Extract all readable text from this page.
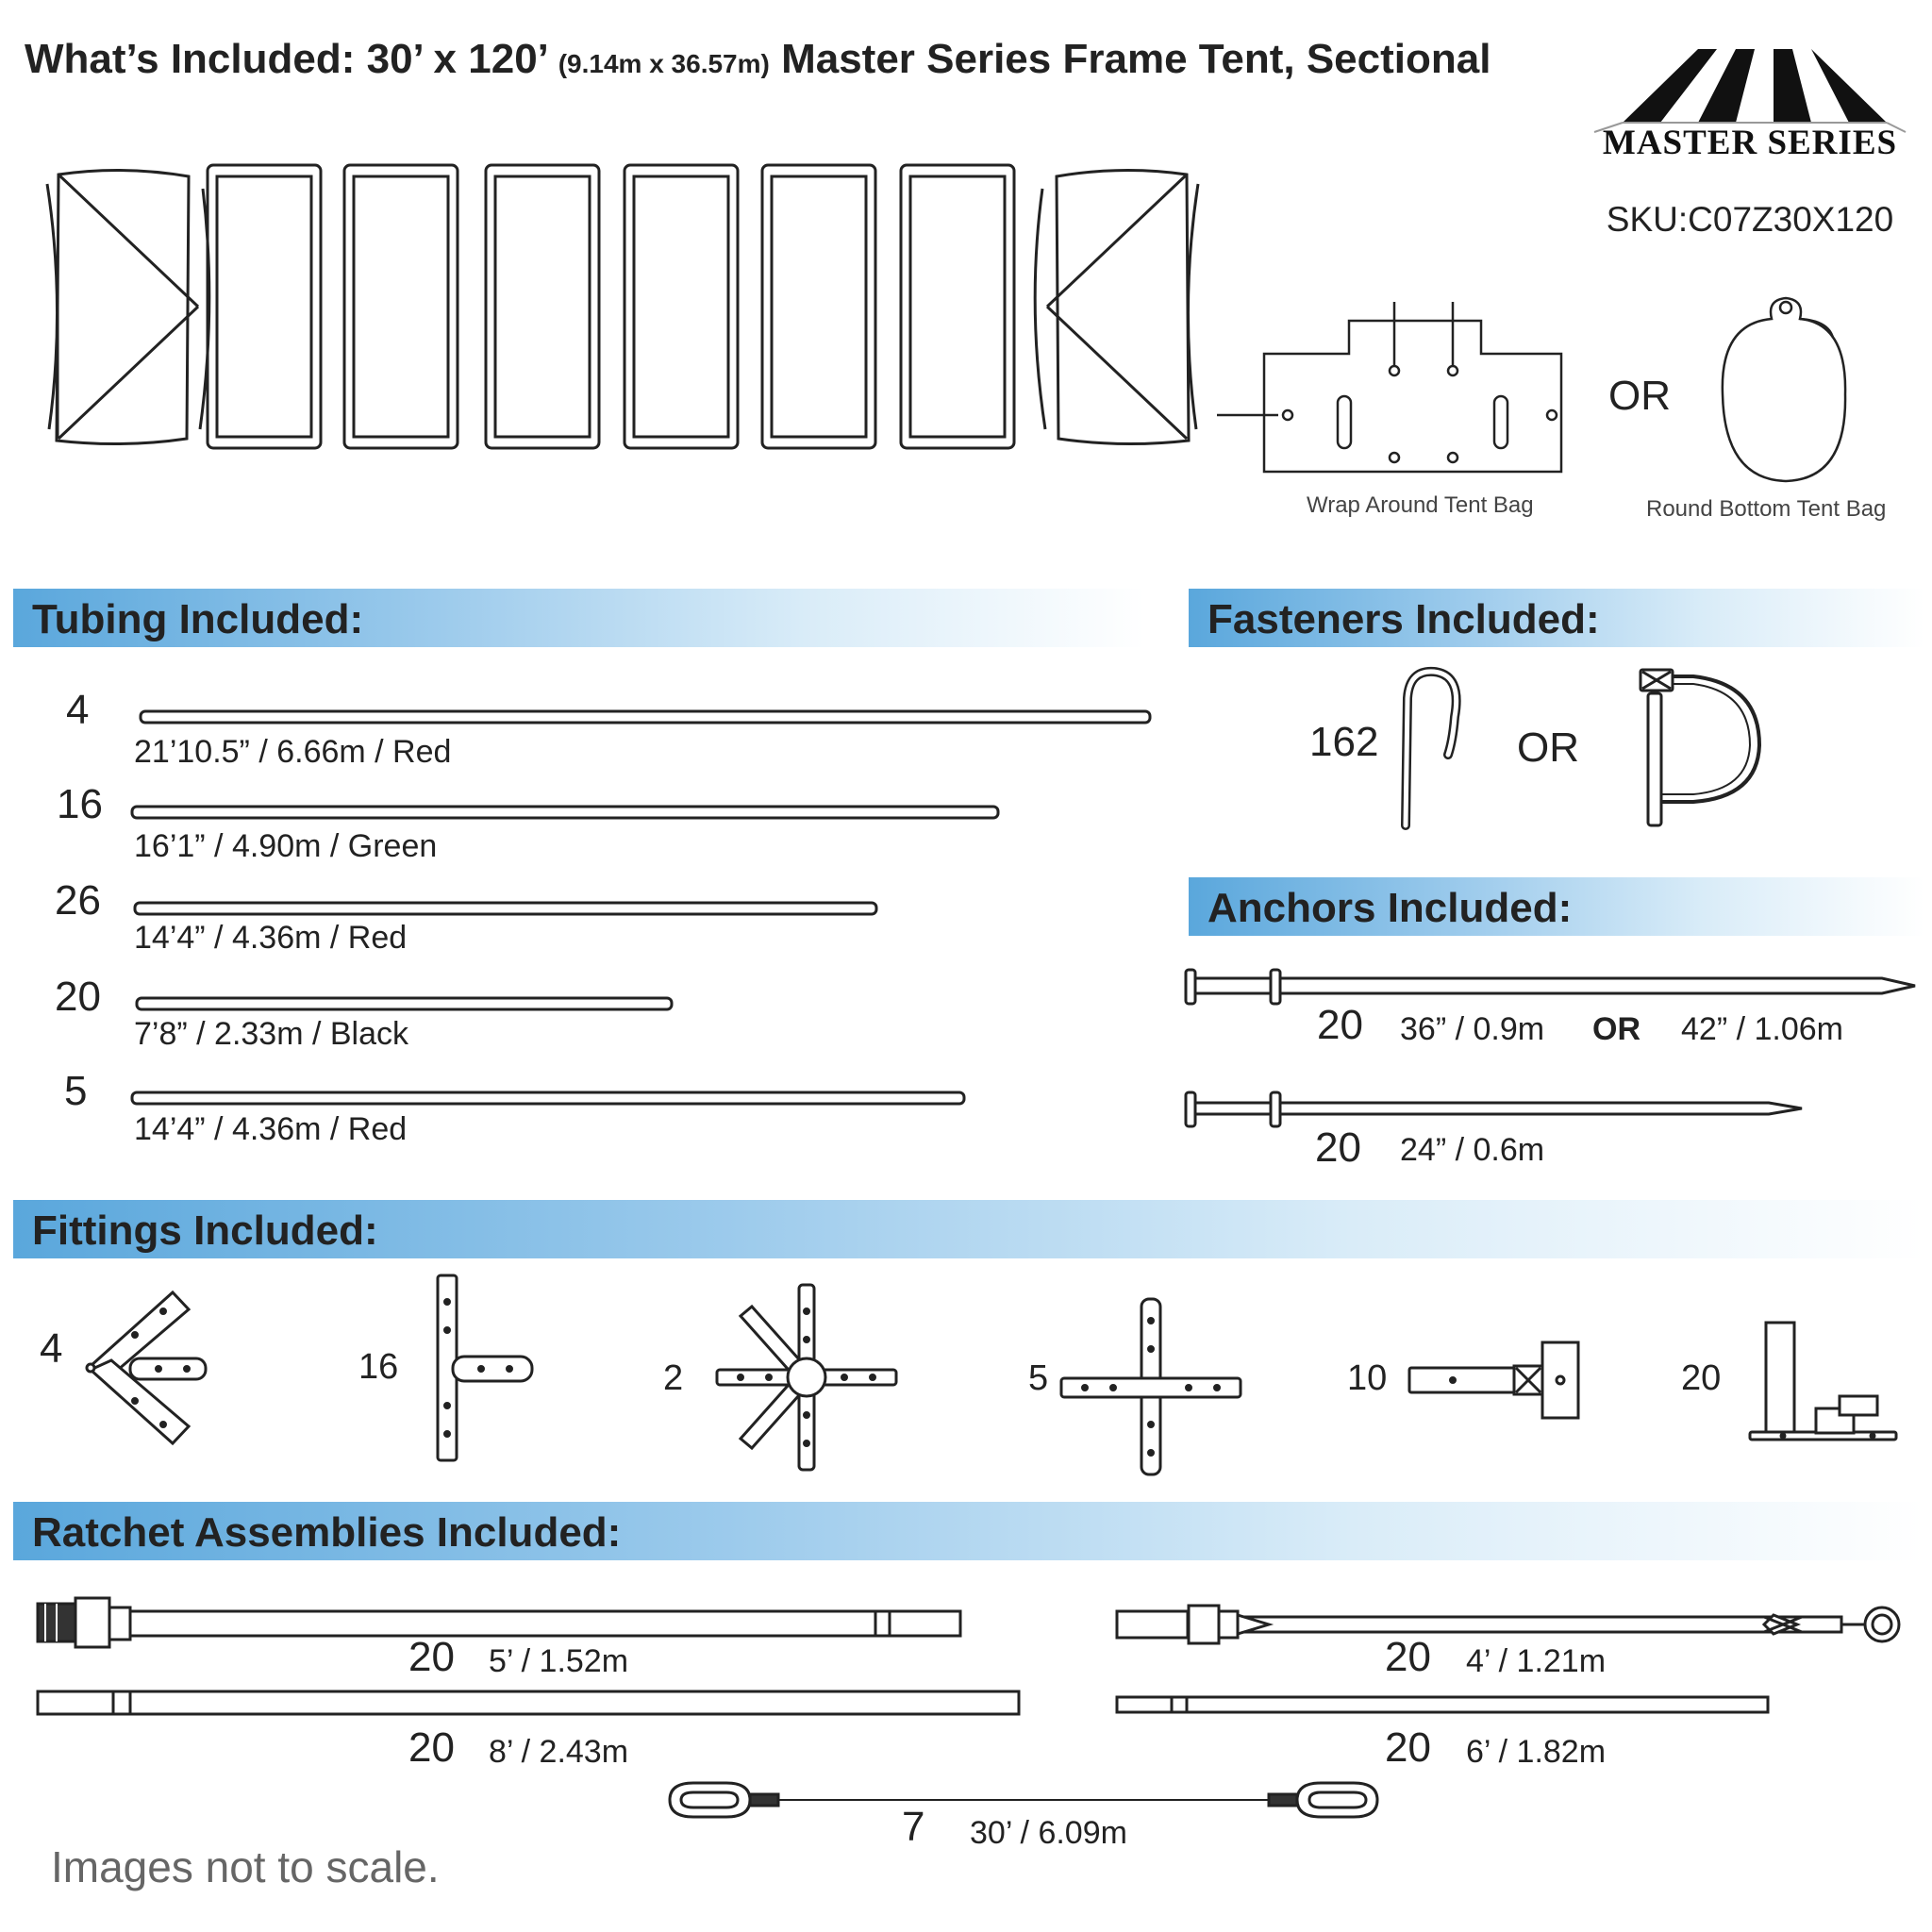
What’s Included: 30’ x 120’ (9.14m x 36.57m) Master Series Frame Tent, Sectional
MASTER SERIES
SKU:C07Z30X120
OR
Wrap Around Tent Bag	Round Bottom Tent Bag
Tubing Included:
4
21’10.5” / 6.66m / Red
16
16’1” / 4.90m / Green
26
14’4” / 4.36m / Red
20
7’8” / 2.33m / Black
5
14’4” / 4.36m / Red
Fasteners Included:
162	OR
Anchors Included:
20 36” / 0.9m OR 42” / 1.06m
20 24” / 0.6m
Fittings Included:
4	16	2	5	10	20
Ratchet Assemblies Included:
20 5’ / 1.52m
20 8’ / 2.43m
20 4’ / 1.21m
20 6’ / 1.82m
7 30’ / 6.09m
Images not to scale.
